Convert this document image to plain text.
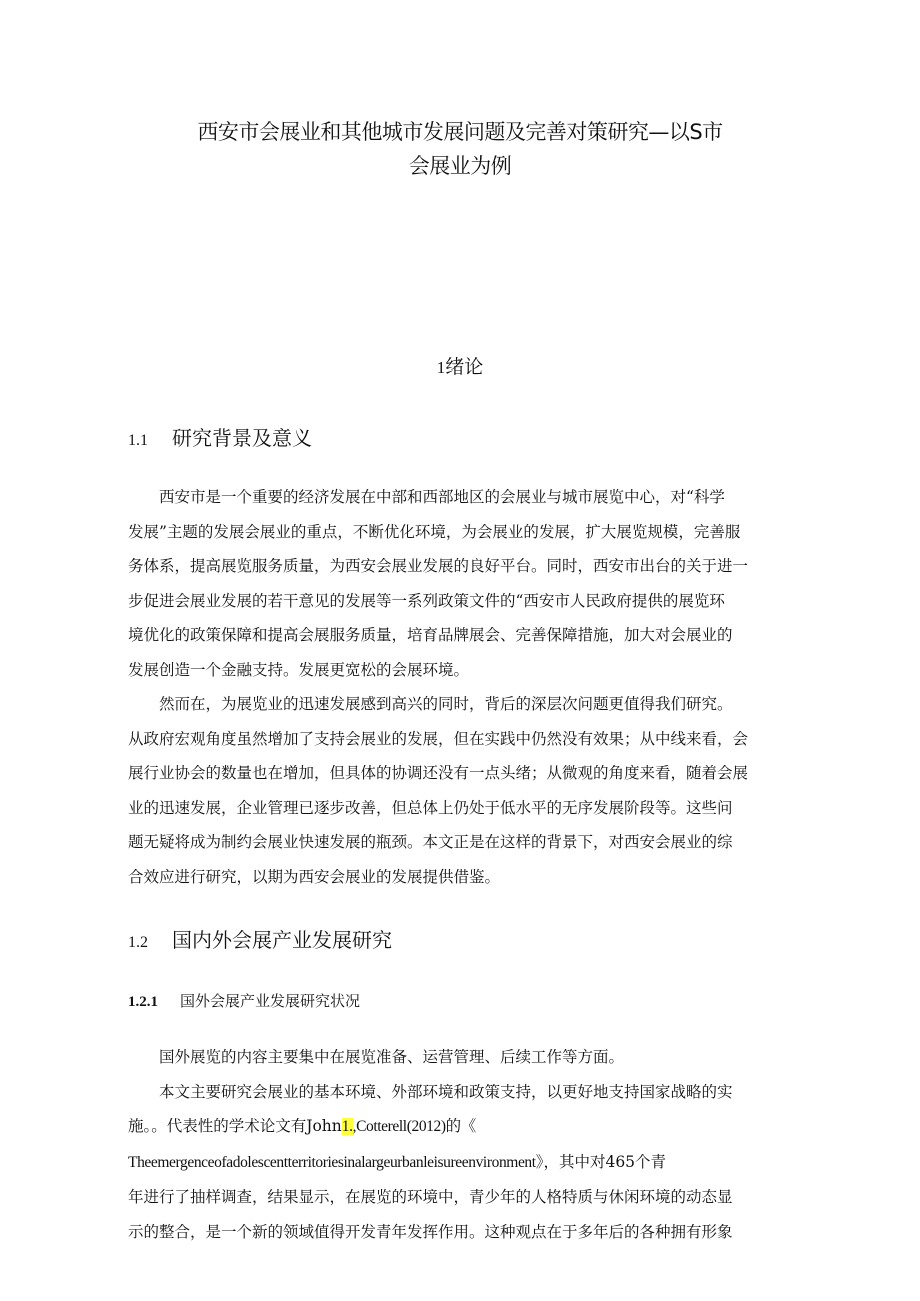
西安市会展业和其他城市发展问题及完善对策研究—以S市
会展业为例
1绪论
1.1 研究背景及意义

西安市是一个重要的经济发展在中部和西部地区的会展业与城市展览中心，对“科学
发展”主题的发展会展业的重点，不断优化环境，为会展业的发展，扩大展览规模，完善服
务体系，提高展览服务质量，为西安会展业发展的良好平台。同时，西安市出台的关于进一
步促进会展业发展的若干意见的发展等一系列政策文件的“西安市人民政府提供的展览环
境优化的政策保障和提高会展服务质量，培育品牌展会、完善保障措施，加大对会展业的
发展创造一个金融支持。发展更宽松的会展环境。

然而在，为展览业的迅速发展感到高兴的同时，背后的深层次问题更值得我们研究。
从政府宏观角度虽然增加了支持会展业的发展，但在实践中仍然没有效果；从中线来看，会
展行业协会的数量也在增加，但具体的协调还没有一点头绪；从微观的角度来看，随着会展
业的迅速发展，企业管理已逐步改善，但总体上仍处于低水平的无序发展阶段等。这些问
题无疑将成为制约会展业快速发展的瓶颈。本文正是在这样的背景下，对西安会展业的综
合效应进行研究，以期为西安会展业的发展提供借鉴。

1.2 国内外会展产业发展研究
1.2.1 国外会展产业发展研究状况

国外展览的内容主要集中在展览准备、运营管理、后续工作等方面。

本文主要研究会展业的基本环境、外部环境和政策支持，以更好地支持国家战略的实
施。。代表性的学术论文有John1.,Cotterell(2012)的《
Theemergenceofadolescentterritoriesinalargeurbanleisureenvironment》，其中对465个青
年进行了抽样调查，结果显示，在展览的环境中，青少年的人格特质与休闲环境的动态显
示的整合，是一个新的领域值得开发青年发挥作用。这种观点在于多年后的各种拥有形象
